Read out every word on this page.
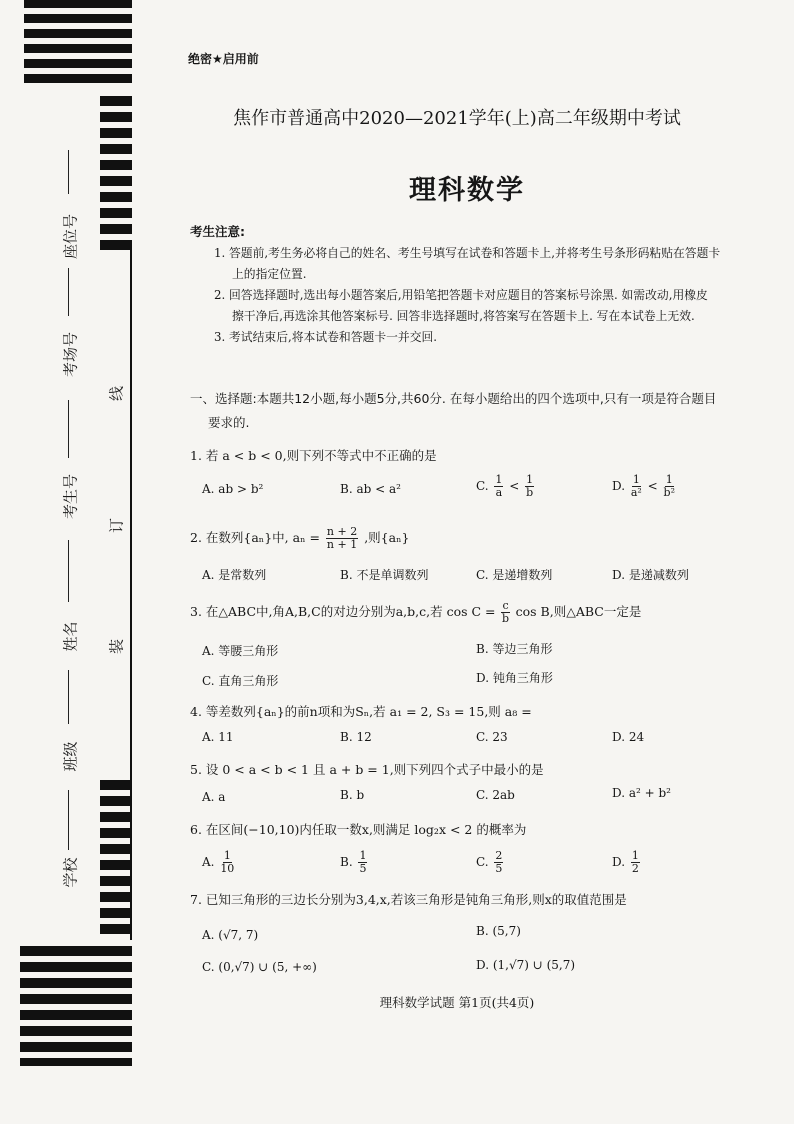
座位号
考场号
考生号
姓名
班级
学校
线
订
装
绝密★启用前
焦作市普通高中2020—2021学年(上)高二年级期中考试
理科数学
考生注意:
1. 答题前,考生务必将自己的姓名、考生号填写在试卷和答题卡上,并将考生号条形码粘贴在答题卡
上的指定位置.
2. 回答选择题时,选出每小题答案后,用铅笔把答题卡对应题目的答案标号涂黑. 如需改动,用橡皮
擦干净后,再选涂其他答案标号. 回答非选择题时,将答案写在答题卡上. 写在本试卷上无效.
3. 考试结束后,将本试卷和答题卡一并交回.
一、选择题:本题共12小题,每小题5分,共60分. 在每小题给出的四个选项中,只有一项是符合题目
要求的.
1. 若 a < b < 0,则下列不等式中不正确的是
A. ab > b²	B. ab < a²	C. $\frac{1}{a} < \frac{1}{b}$	D. $\frac{1}{\text{a²}} < \frac{1}{\text{b²}}$
2. 在数列{aₙ}中, $a_n = \frac{n + 2}{n + 1}$ ,则{aₙ}
A. 是常数列	B. 不是单调数列	C. 是递增数列	D. 是递减数列
3. 在△ABC中,角A,B,C的对边分别为a,b,c,若 $\cos C = \frac{c}{b}$ cos B,则△ABC一定是
A. 等腰三角形	B. 等边三角形
C. 直角三角形	D. 钝角三角形
4. 等差数列{aₙ}的前n项和为Sₙ,若 a₁ = 2, S₃ = 15,则 a₈ =
A. 11	B. 12	C. 23	D. 24
5. 设 0 < a < b < 1 且 a + b = 1,则下列四个式子中最小的是
A. a	B. b	C. 2ab	D. a² + b²
6. 在区间(−10,10)内任取一数x,则满足 log₂x < 2 的概率为
A. $\frac{1}{10}$	B. $\frac{1}{5}$	C. $\frac{2}{5}$	D. $\frac{1}{2}$
7. 已知三角形的三边长分别为3,4,x,若该三角形是钝角三角形,则x的取值范围是
A. (√7, 7)	B. (5,7)
C. (0,√7) ∪ (5, +∞)	D. (1,√7) ∪ (5,7)
理科数学试题 第1页(共4页)
